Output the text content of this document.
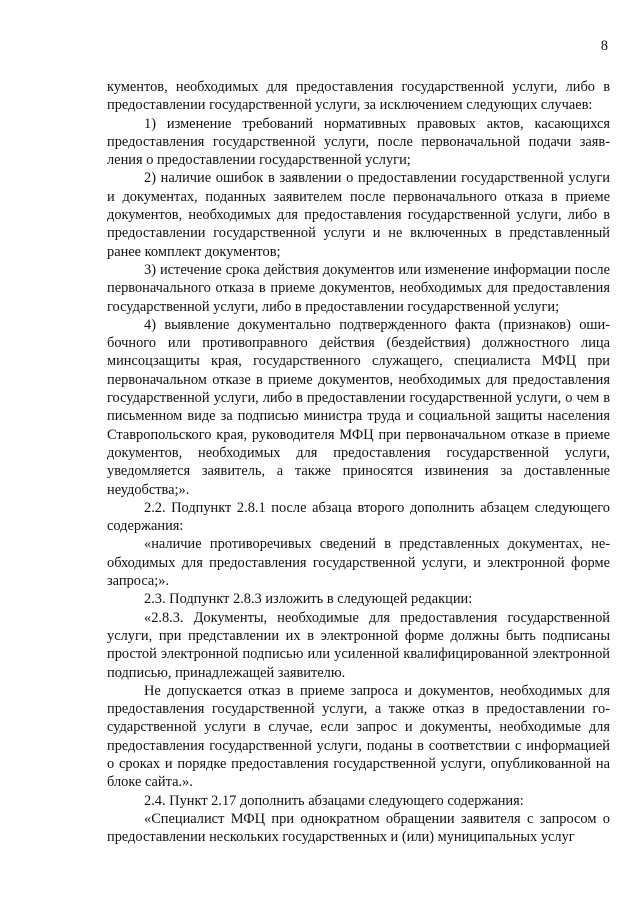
8

кументов, необходимых для предоставления государственной услуги, либо в предоставлении государственной услуги, за исключением следующих случаев:

1) изменение требований нормативных правовых актов, касающихся предоставления государственной услуги, после первоначальной подачи заявления о предоставлении государственной услуги;

2) наличие ошибок в заявлении о предоставлении государственной услуги и документах, поданных заявителем после первоначального отказа в приеме документов, необходимых для предоставления государственной услуги, либо в предоставлении государственной услуги и не включенных в представленный ранее комплект документов;

3) истечение срока действия документов или изменение информации после первоначального отказа в приеме документов, необходимых для предоставления государственной услуги, либо в предоставлении государственной услуги;

4) выявление документально подтвержденного факта (признаков) ошибочного или противоправного действия (бездействия) должностного лица минсоцзащиты края, государственного служащего, специалиста МФЦ при первоначальном отказе в приеме документов, необходимых для предоставления государственной услуги, либо в предоставлении государственной услуги, о чем в письменном виде за подписью министра труда и социальной защиты населения Ставропольского края, руководителя МФЦ при первоначальном отказе в приеме документов, необходимых для предоставления государственной услуги, уведомляется заявитель, а также приносятся извинения за доставленные неудобства;».

2.2. Подпункт 2.8.1 после абзаца второго дополнить абзацем следующего содержания:

«наличие противоречивых сведений в представленных документах, необходимых для предоставления государственной услуги, и электронной форме запроса;».

2.3. Подпункт 2.8.3 изложить в следующей редакции:

«2.8.3. Документы, необходимые для предоставления государственной услуги, при представлении их в электронной форме должны быть подписаны простой электронной подписью или усиленной квалифицированной электронной подписью, принадлежащей заявителю.

Не допускается отказ в приеме запроса и документов, необходимых для предоставления государственной услуги, а также отказ в предоставлении государственной услуги в случае, если запрос и документы, необходимые для предоставления государственной услуги, поданы в соответствии с информацией о сроках и порядке предоставления государственной услуги, опубликованной на блоке сайта.».

2.4. Пункт 2.17 дополнить абзацами следующего содержания:

«Специалист МФЦ при однократном обращении заявителя с запросом о предоставлении нескольких государственных и (или) муниципальных услуг
